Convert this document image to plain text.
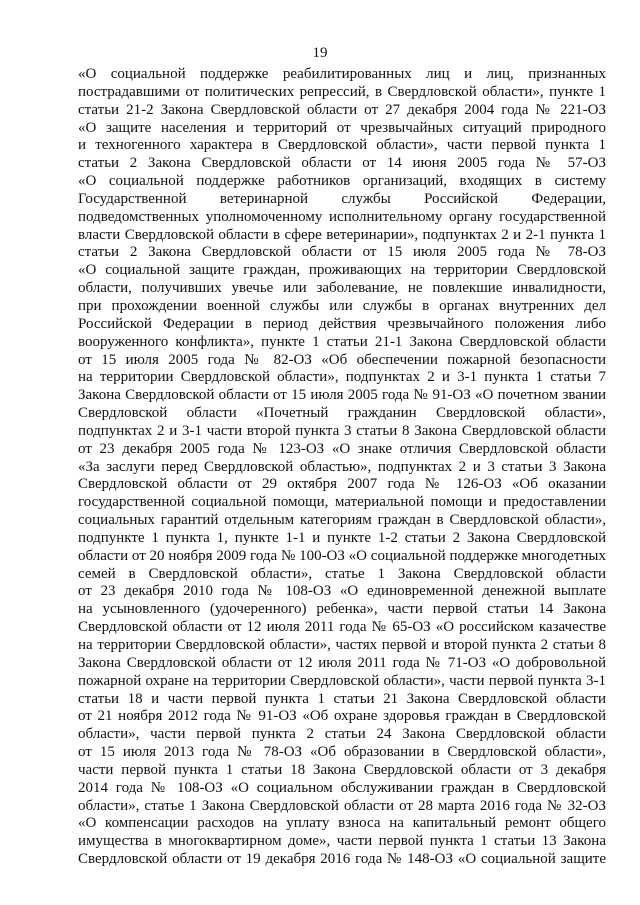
19
«О социальной поддержке реабилитированных лиц и лиц, признанных
пострадавшими от политических репрессий, в Свердловской области», пункте 1
статьи 21-2 Закона Свердловской области от 27 декабря 2004 года № 221-ОЗ
«О защите населения и территорий от чрезвычайных ситуаций природного
и техногенного характера в Свердловской области», части первой пункта 1
статьи 2 Закона Свердловской области от 14 июня 2005 года № 57-ОЗ
«О социальной поддержке работников организаций, входящих в систему
Государственной ветеринарной службы Российской Федерации,
подведомственных уполномоченному исполнительному органу государственной
власти Свердловской области в сфере ветеринарии», подпунктах 2 и 2-1 пункта 1
статьи 2 Закона Свердловской области от 15 июля 2005 года № 78-ОЗ
«О социальной защите граждан, проживающих на территории Свердловской
области, получивших увечье или заболевание, не повлекшие инвалидности,
при прохождении военной службы или службы в органах внутренних дел
Российской Федерации в период действия чрезвычайного положения либо
вооруженного конфликта», пункте 1 статьи 21-1 Закона Свердловской области
от 15 июля 2005 года № 82-ОЗ «Об обеспечении пожарной безопасности
на территории Свердловской области», подпунктах 2 и 3-1 пункта 1 статьи 7
Закона Свердловской области от 15 июля 2005 года № 91-ОЗ «О почетном звании
Свердловской области «Почетный гражданин Свердловской области»,
подпунктах 2 и 3-1 части второй пункта 3 статьи 8 Закона Свердловской области
от 23 декабря 2005 года № 123-ОЗ «О знаке отличия Свердловской области
«За заслуги перед Свердловской областью», подпунктах 2 и 3 статьи 3 Закона
Свердловской области от 29 октября 2007 года № 126-ОЗ «Об оказании
государственной социальной помощи, материальной помощи и предоставлении
социальных гарантий отдельным категориям граждан в Свердловской области»,
подпункте 1 пункта 1, пункте 1-1 и пункте 1-2 статьи 2 Закона Свердловской
области от 20 ноября 2009 года № 100-ОЗ «О социальной поддержке многодетных
семей в Свердловской области», статье 1 Закона Свердловской области
от 23 декабря 2010 года № 108-ОЗ «О единовременной денежной выплате
на усыновленного (удочеренного) ребенка», части первой статьи 14 Закона
Свердловской области от 12 июля 2011 года № 65-ОЗ «О российском казачестве
на территории Свердловской области», частях первой и второй пункта 2 статьи 8
Закона Свердловской области от 12 июля 2011 года № 71-ОЗ «О добровольной
пожарной охране на территории Свердловской области», части первой пункта 3-1
статьи 18 и части первой пункта 1 статьи 21 Закона Свердловской области
от 21 ноября 2012 года № 91-ОЗ «Об охране здоровья граждан в Свердловской
области», части первой пункта 2 статьи 24 Закона Свердловской области
от 15 июля 2013 года № 78-ОЗ «Об образовании в Свердловской области»,
части первой пункта 1 статьи 18 Закона Свердловской области от 3 декабря
2014 года № 108-ОЗ «О социальном обслуживании граждан в Свердловской
области», статье 1 Закона Свердловской области от 28 марта 2016 года № 32-ОЗ
«О компенсации расходов на уплату взноса на капитальный ремонт общего
имущества в многоквартирном доме», части первой пункта 1 статьи 13 Закона
Свердловской области от 19 декабря 2016 года № 148-ОЗ «О социальной защите
